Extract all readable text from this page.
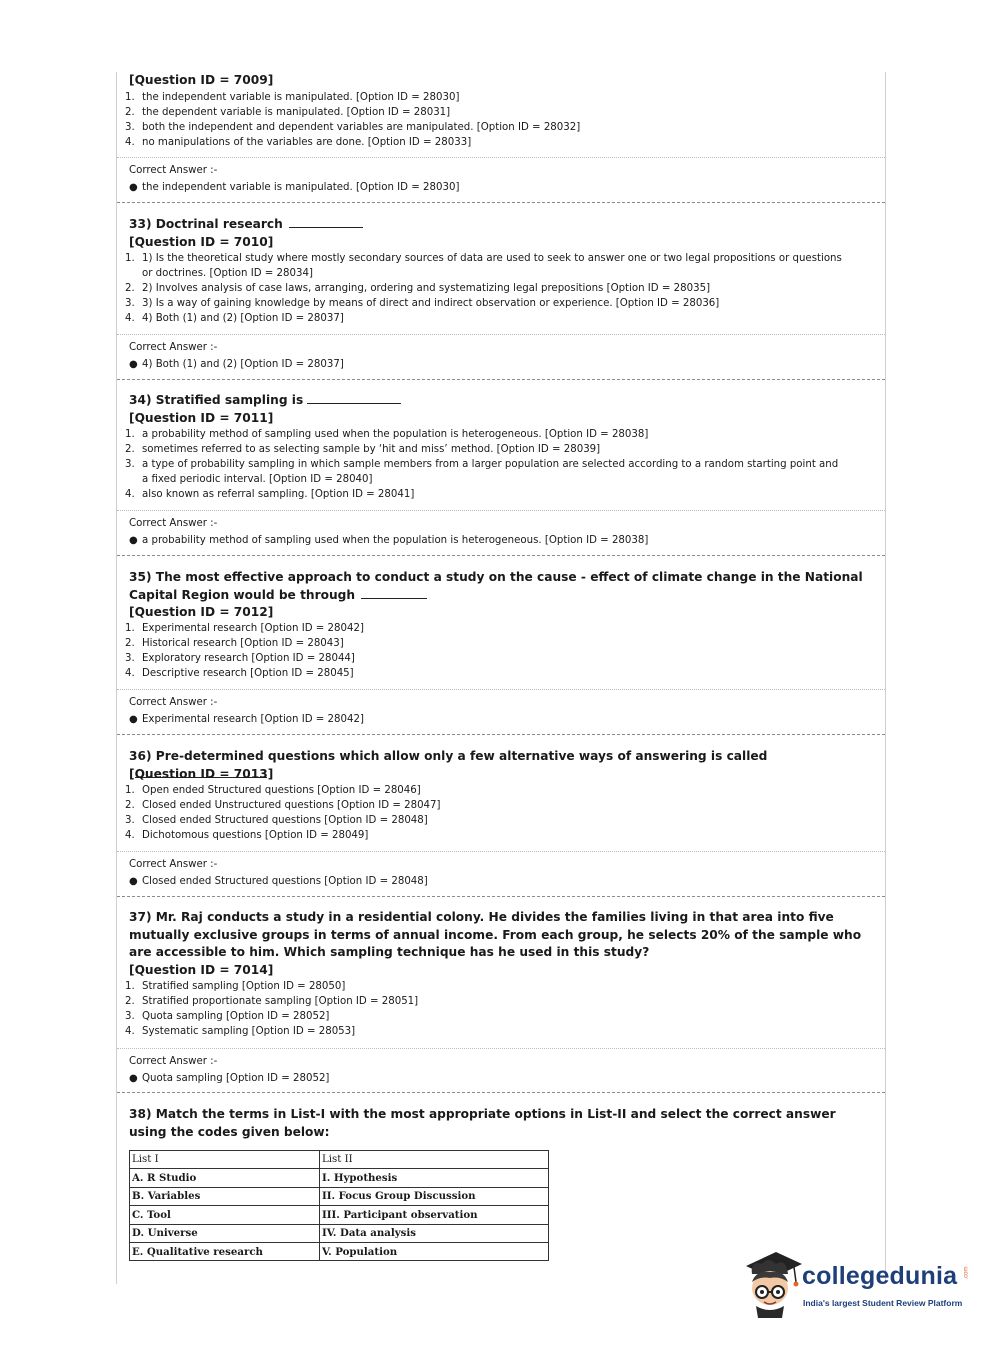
[Question ID = 7009]
1. the independent variable is manipulated. [Option ID = 28030]
2. the dependent variable is manipulated. [Option ID = 28031]
3. both the independent and dependent variables are manipulated. [Option ID = 28032]
4. no manipulations of the variables are done. [Option ID = 28033]
Correct Answer :-
● the independent variable is manipulated. [Option ID = 28030]
33) Doctrinal research
[Question ID = 7010]
1. 1) Is the theoretical study where mostly secondary sources of data are used to seek to answer one or two legal propositions or questions or doctrines. [Option ID = 28034]
2. 2) Involves analysis of case laws, arranging, ordering and systematizing legal prepositions [Option ID = 28035]
3. 3) Is a way of gaining knowledge by means of direct and indirect observation or experience. [Option ID = 28036]
4. 4) Both (1) and (2) [Option ID = 28037]
Correct Answer :-
● 4) Both (1) and (2) [Option ID = 28037]
34) Stratified sampling is
[Question ID = 7011]
1. a probability method of sampling used when the population is heterogeneous. [Option ID = 28038]
2. sometimes referred to as selecting sample by ‘hit and miss’ method. [Option ID = 28039]
3. a type of probability sampling in which sample members from a larger population are selected according to a random starting point and a fixed periodic interval. [Option ID = 28040]
4. also known as referral sampling. [Option ID = 28041]
Correct Answer :-
● a probability method of sampling used when the population is heterogeneous. [Option ID = 28038]
35) The most effective approach to conduct a study on the cause - effect of climate change in the National Capital Region would be through
[Question ID = 7012]
1. Experimental research [Option ID = 28042]
2. Historical research [Option ID = 28043]
3. Exploratory research [Option ID = 28044]
4. Descriptive research [Option ID = 28045]
Correct Answer :-
● Experimental research [Option ID = 28042]
36) Pre-determined questions which allow only a few alternative ways of answering is called
[Question ID = 7013]
1. Open ended Structured questions [Option ID = 28046]
2. Closed ended Unstructured questions [Option ID = 28047]
3. Closed ended Structured questions [Option ID = 28048]
4. Dichotomous questions [Option ID = 28049]
Correct Answer :-
● Closed ended Structured questions [Option ID = 28048]
37) Mr. Raj conducts a study in a residential colony. He divides the families living in that area into five mutually exclusive groups in terms of annual income. From each group, he selects 20% of the sample who are accessible to him. Which sampling technique has he used in this study?
[Question ID = 7014]
1. Stratified sampling [Option ID = 28050]
2. Stratified proportionate sampling [Option ID = 28051]
3. Quota sampling [Option ID = 28052]
4. Systematic sampling [Option ID = 28053]
Correct Answer :-
● Quota sampling [Option ID = 28052]
38) Match the terms in List-I with the most appropriate options in List-II and select the correct answer using the codes given below:
List I	List II
A. R Studio	I. Hypothesis
B. Variables	II. Focus Group Discussion
C. Tool	III. Participant observation
D. Universe	IV. Data analysis
E. Qualitative research	V. Population
collegedunia .com
India's largest Student Review Platform
